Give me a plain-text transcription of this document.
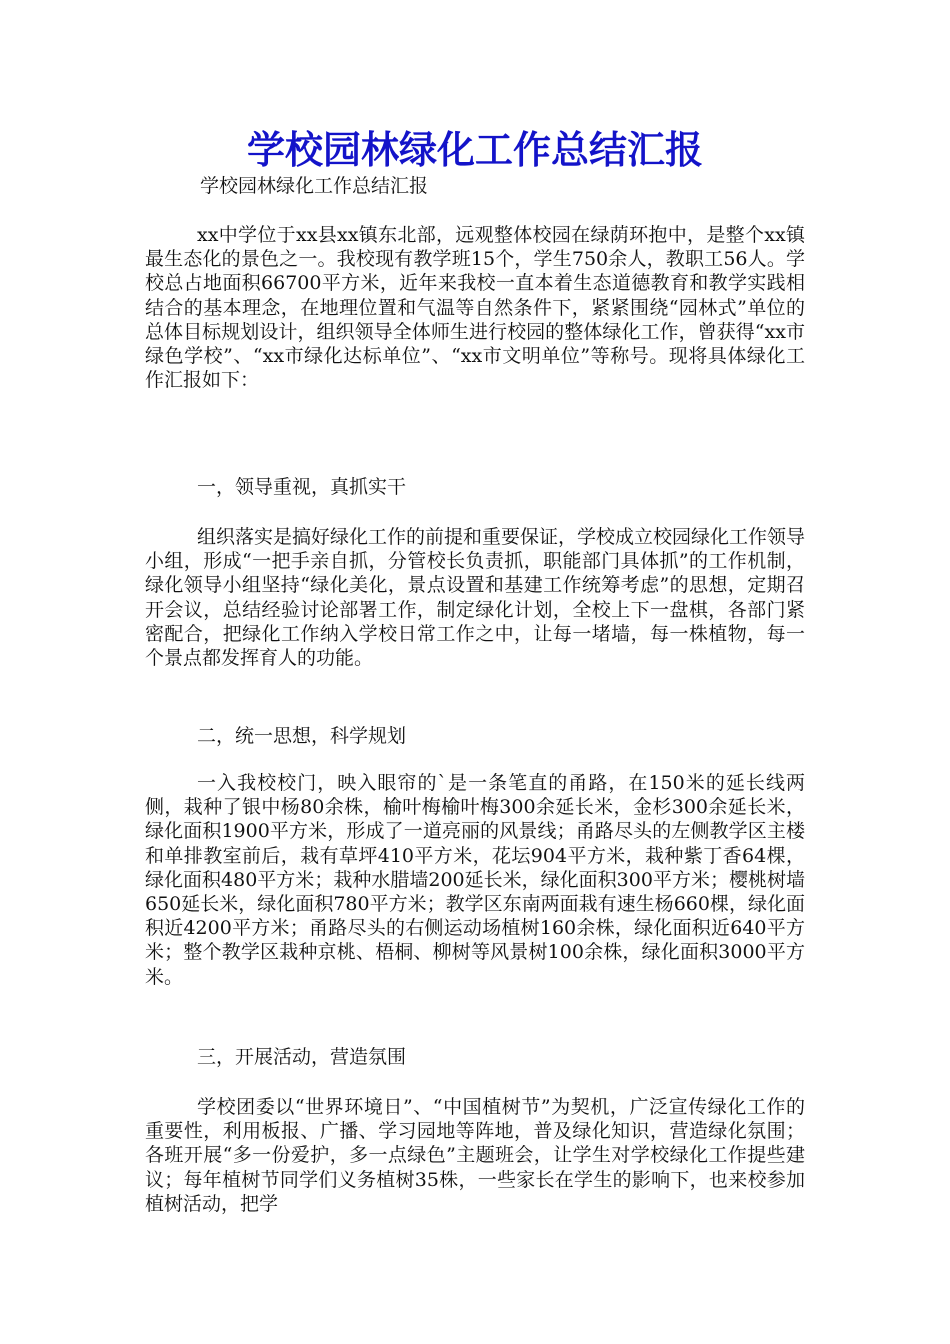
学校园林绿化工作总结汇报
学校园林绿化工作总结汇报

xx中学位于xx县xx镇东北部，远观整体校园在绿荫环抱中，是整个xx镇最生态化的景色之一。我校现有教学班15个，学生750余人，教职工56人。学校总占地面积66700平方米，近年来我校一直本着生态道德教育和教学实践相结合的基本理念，在地理位置和气温等自然条件下，紧紧围绕“园林式”单位的总体目标规划设计，组织领导全体师生进行校园的整体绿化工作，曾获得“xx市绿色学校”、“xx市绿化达标单位”、“xx市文明单位”等称号。现将具体绿化工作汇报如下：

一，领导重视，真抓实干

组织落实是搞好绿化工作的前提和重要保证，学校成立校园绿化工作领导小组，形成“一把手亲自抓，分管校长负责抓，职能部门具体抓”的工作机制，绿化领导小组坚持“绿化美化，景点设置和基建工作统筹考虑”的思想，定期召开会议，总结经验讨论部署工作，制定绿化计划，全校上下一盘棋，各部门紧密配合，把绿化工作纳入学校日常工作之中，让每一堵墙，每一株植物，每一个景点都发挥育人的功能。

二，统一思想，科学规划

一入我校校门，映入眼帘的`是一条笔直的甬路，在150米的延长线两侧，栽种了银中杨80余株，榆叶梅榆叶梅300余延长米，金杉300余延长米，绿化面积1900平方米，形成了一道亮丽的风景线；甬路尽头的左侧教学区主楼和单排教室前后，栽有草坪410平方米，花坛904平方米，栽种紫丁香64棵，绿化面积480平方米；栽种水腊墙200延长米，绿化面积300平方米；樱桃树墙650延长米，绿化面积780平方米；教学区东南两面栽有速生杨660棵，绿化面积近4200平方米；甬路尽头的右侧运动场植树160余株，绿化面积近640平方米；整个教学区栽种京桃、梧桐、柳树等风景树100余株，绿化面积3000平方米。

三，开展活动，营造氛围

学校团委以“世界环境日”、“中国植树节”为契机，广泛宣传绿化工作的重要性，利用板报、广播、学习园地等阵地，普及绿化知识，营造绿化氛围；各班开展“多一份爱护，多一点绿色”主题班会，让学生对学校绿化工作提些建议；每年植树节同学们义务植树35株，一些家长在学生的影响下，也来校参加植树活动，把学
